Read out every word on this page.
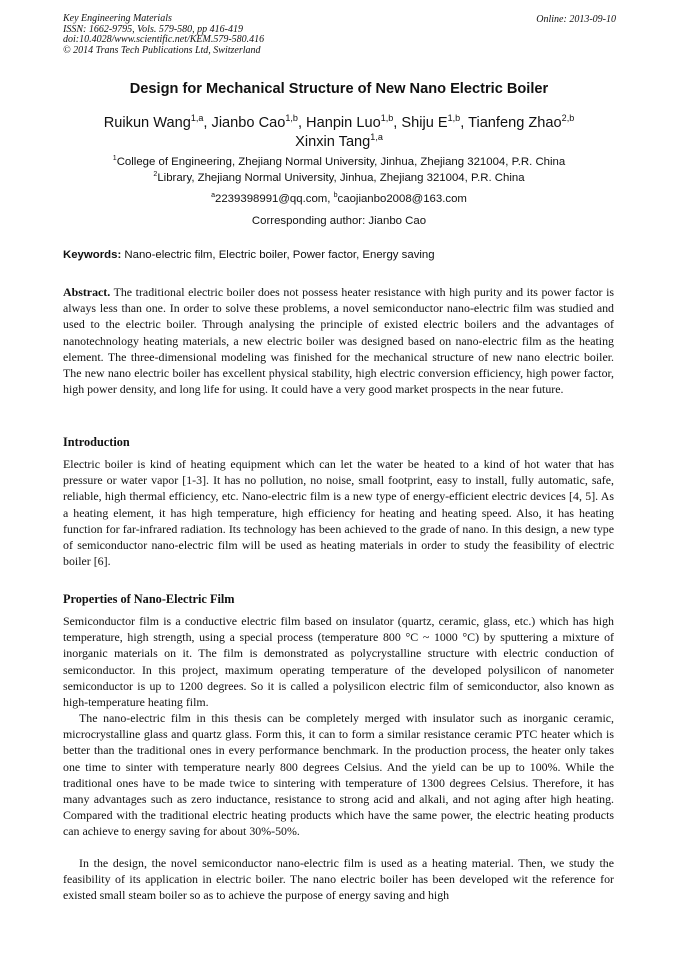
Key Engineering Materials
ISSN: 1662-9795, Vols. 579-580, pp 416-419
doi:10.4028/www.scientific.net/KEM.579-580.416
© 2014 Trans Tech Publications Ltd, Switzerland
Online: 2013-09-10
Design for Mechanical Structure of New Nano Electric Boiler
Ruikun Wang$^{1,a}$, Jianbo Cao$^{1,b}$, Hanpin Luo$^{1,b}$, Shiju E$^{1,b}$, Tianfeng Zhao$^{2,b}$
Xinxin Tang$^{1,a}$
$^1$College of Engineering, Zhejiang Normal University, Jinhua, Zhejiang 321004, P.R. China
$^2$Library, Zhejiang Normal University, Jinhua, Zhejiang 321004, P.R. China
$^a$2239398991@qq.com, $^b$caojianbo2008@163.com
Corresponding author: Jianbo Cao
Keywords: Nano-electric film, Electric boiler, Power factor, Energy saving

Abstract. The traditional electric boiler does not possess heater resistance with high purity and its power factor is always less than one. In order to solve these problems, a novel semiconductor nano-electric film was studied and used to the electric boiler. Through analysing the principle of existed electric boilers and the advantages of nanotechnology heating materials, a new electric boiler was designed based on nano-electric film as the heating element. The three-dimensional modeling was finished for the mechanical structure of new nano electric boiler. The new nano electric boiler has excellent physical stability, high electric conversion efficiency, high power factor, high power density, and long life for using. It could have a very good market prospects in the near future.

Introduction

Electric boiler is kind of heating equipment which can let the water be heated to a kind of hot water that has pressure or water vapor [1-3]. It has no pollution, no noise, small footprint, easy to install, fully automatic, safe, reliable, high thermal efficiency, etc. Nano-electric film is a new type of energy-efficient electric devices [4, 5]. As a heating element, it has high temperature, high efficiency for heating and heating speed. Also, it has heating function for far-infrared radiation. Its technology has been achieved to the grade of nano. In this design, a new type of semiconductor nano-electric film will be used as heating materials in order to study the feasibility of electric boiler [6].

Properties of Nano-Electric Film

Semiconductor film is a conductive electric film based on insulator (quartz, ceramic, glass, etc.) which has high temperature, high strength, using a special process (temperature 800 °C ~ 1000 °C) by sputtering a mixture of inorganic materials on it. The film is demonstrated as polycrystalline structure with electric conduction of semiconductor. In this project, maximum operating temperature of the developed polysilicon of nanometer semiconductor is up to 1200 degrees. So it is called a polysilicon electric film of semiconductor, also known as high-temperature heating film.

The nano-electric film in this thesis can be completely merged with insulator such as inorganic ceramic, microcrystalline glass and quartz glass. Form this, it can to form a similar resistance ceramic PTC heater which is better than the traditional ones in every performance benchmark. In the production process, the heater only takes one time to sinter with temperature nearly 800 degrees Celsius. And the yield can be up to 100%. While the traditional ones have to be made twice to sintering with temperature of 1300 degrees Celsius. Therefore, it has many advantages such as zero inductance, resistance to strong acid and alkali, and not aging after high heating. Compared with the traditional electric heating products which have the same power, the electric heating products can achieve to energy saving for about 30%-50%.

In the design, the novel semiconductor nano-electric film is used as a heating material. Then, we study the feasibility of its application in electric boiler. The nano electric boiler has been developed wit the reference for existed small steam boiler so as to achieve the purpose of energy saving and high
